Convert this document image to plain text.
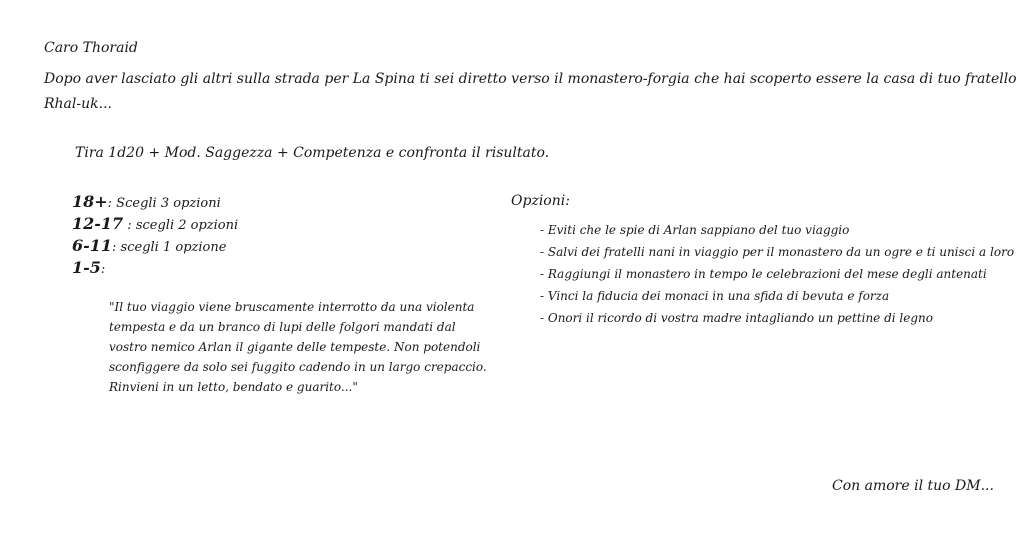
Caro Thoraid
Dopo aver lasciato gli altri sulla strada per La Spina ti sei diretto verso il monastero-forgia che hai scoperto essere la casa di tuo fratello
Rhal-uk...
Tira 1d20 + Mod. Saggezza + Competenza e confronta il risultato.
18+: Scegli 3 opzioni
12-17 : scegli 2 opzioni
6-11: scegli 1 opzione
1-5:
"Il tuo viaggio viene bruscamente interrotto da una violenta
tempesta e da un branco di lupi delle folgori mandati dal
vostro nemico Arlan il gigante delle tempeste. Non potendoli
sconfiggere da solo sei fuggito cadendo in un largo crepaccio.
Rinvieni in un letto, bendato e guarito..."
Opzioni:
- Eviti che le spie di Arlan sappiano del tuo viaggio
- Salvi dei fratelli nani in viaggio per il monastero da un ogre e ti unisci a loro
- Raggiungi il monastero in tempo le celebrazioni del mese degli antenati
- Vinci la fiducia dei monaci in una sfida di bevuta e forza
- Onori il ricordo di vostra madre intagliando un pettine di legno
Con amore il tuo DM...
